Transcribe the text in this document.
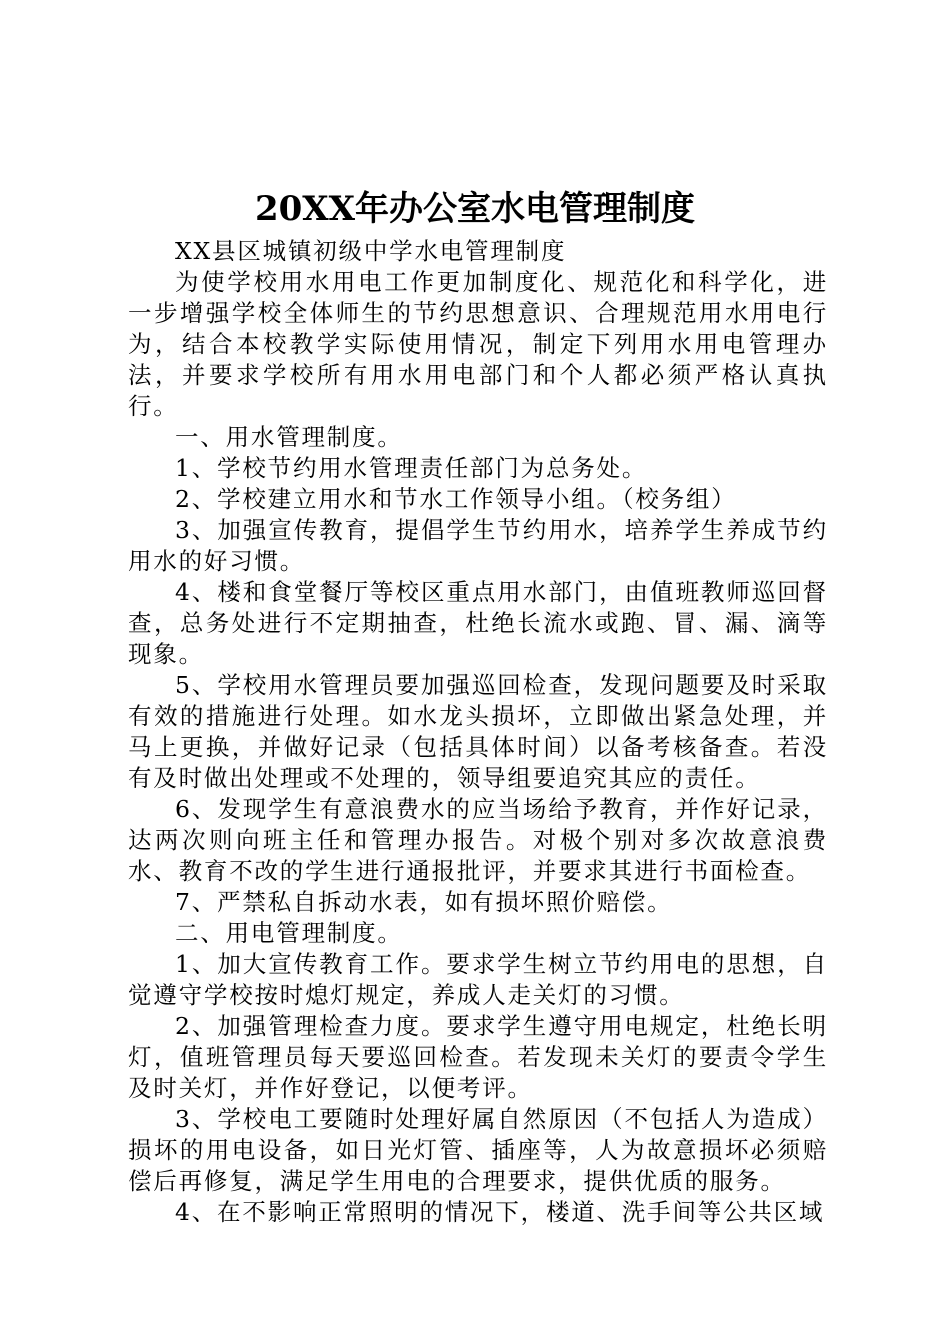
20XX年办公室水电管理制度

XX县区城镇初级中学水电管理制度

为使学校用水用电工作更加制度化、规范化和科学化，进一步增强学校全体师生的节约思想意识、合理规范用水用电行为，结合本校教学实际使用情况，制定下列用水用电管理办法，并要求学校所有用水用电部门和个人都必须严格认真执行。

一、用水管理制度。

1、学校节约用水管理责任部门为总务处。

2、学校建立用水和节水工作领导小组。（校务组）

3、加强宣传教育，提倡学生节约用水，培养学生养成节约用水的好习惯。

4、楼和食堂餐厅等校区重点用水部门，由值班教师巡回督查，总务处进行不定期抽查，杜绝长流水或跑、冒、漏、滴等现象。

5、学校用水管理员要加强巡回检查，发现问题要及时采取有效的措施进行处理。如水龙头损坏，立即做出紧急处理，并马上更换，并做好记录（包括具体时间）以备考核备查。若没有及时做出处理或不处理的，领导组要追究其应的责任。

6、发现学生有意浪费水的应当场给予教育，并作好记录，达两次则向班主任和管理办报告。对极个别对多次故意浪费水、教育不改的学生进行通报批评，并要求其进行书面检查。

7、严禁私自拆动水表，如有损坏照价赔偿。

二、用电管理制度。

1、加大宣传教育工作。要求学生树立节约用电的思想，自觉遵守学校按时熄灯规定，养成人走关灯的习惯。

2、加强管理检查力度。要求学生遵守用电规定，杜绝长明灯，值班管理员每天要巡回检查。若发现未关灯的要责令学生及时关灯，并作好登记，以便考评。

3、学校电工要随时处理好属自然原因（不包括人为造成）损坏的用电设备，如日光灯管、插座等，人为故意损坏必须赔偿后再修复，满足学生用电的合理要求，提供优质的服务。

4、在不影响正常照明的情况下，楼道、洗手间等公共区域
